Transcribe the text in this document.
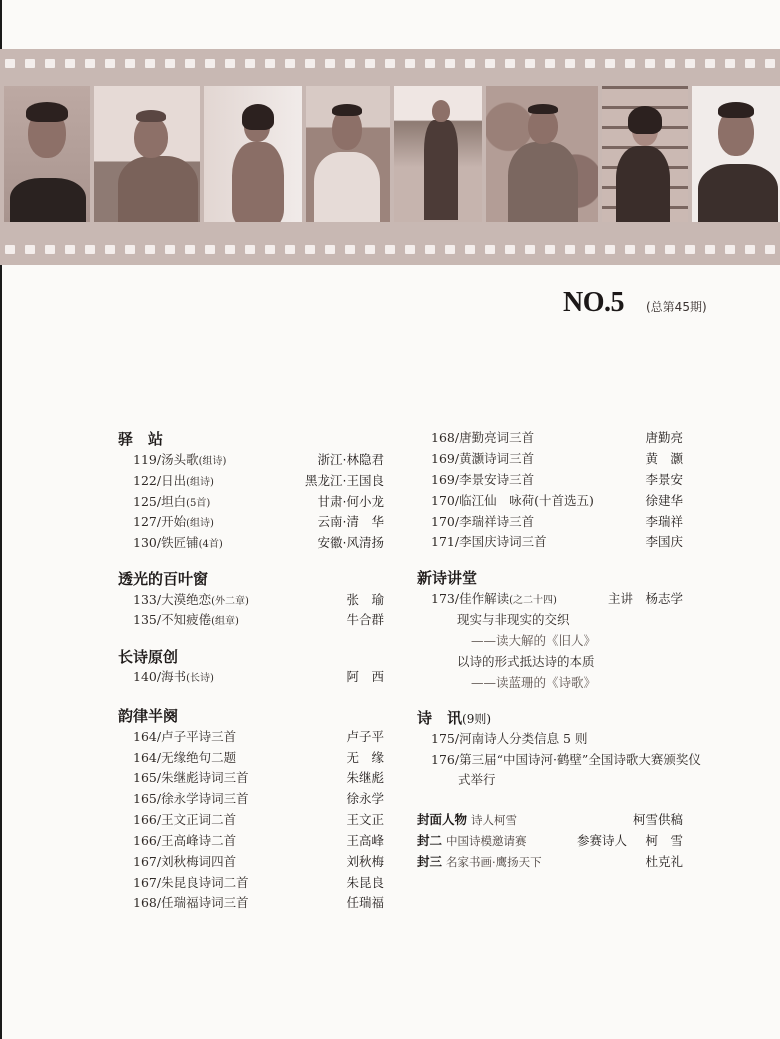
NO.5 (总第45期)
驿　站
119/汤头歌(组诗)	浙江·林隐君
122/日出(组诗)	黑龙江·王国良
125/坦白(5首)	甘肃·何小龙
127/开始(组诗)	云南·清　华
130/铁匠铺(4首)	安徽·风清扬
透光的百叶窗
133/大漠绝恋(外二章)	张　瑜
135/不知疲倦(组章)	牛合群
长诗原创
140/海书(长诗)	阿　西
韵律半阕
164/卢子平诗三首	卢子平
164/无缘绝句二题	无　缘
165/朱继彪诗词三首	朱继彪
165/徐永学诗词三首	徐永学
166/王文正词二首	王文正
166/王高峰诗二首	王高峰
167/刘秋梅词四首	刘秋梅
167/朱昆良诗词二首	朱昆良
168/任瑞福诗词三首	任瑞福
168/唐勤亮词三首	唐勤亮
169/黄灏诗词三首	黄　灏
169/李景安诗三首	李景安
170/临江仙　咏荷(十首选五)	徐建华
170/李瑞祥诗三首	李瑞祥
171/李国庆诗词三首	李国庆
新诗讲堂
173/佳作解读(之二十四)	主讲　杨志学
现实与非现实的交织
——读大解的《旧人》
以诗的形式抵达诗的本质
——读蓝珊的《诗歌》
诗　讯(9则)
175/河南诗人分类信息 5 则
176/第三届“中国诗河·鹤壁”全国诗歌大赛颁奖仪
式举行
封面人物 诗人柯雪	柯雪供稿
封二 中国诗模邀请赛	参赛诗人 柯　雪
封三 名家书画·鹰扬天下	杜克礼
